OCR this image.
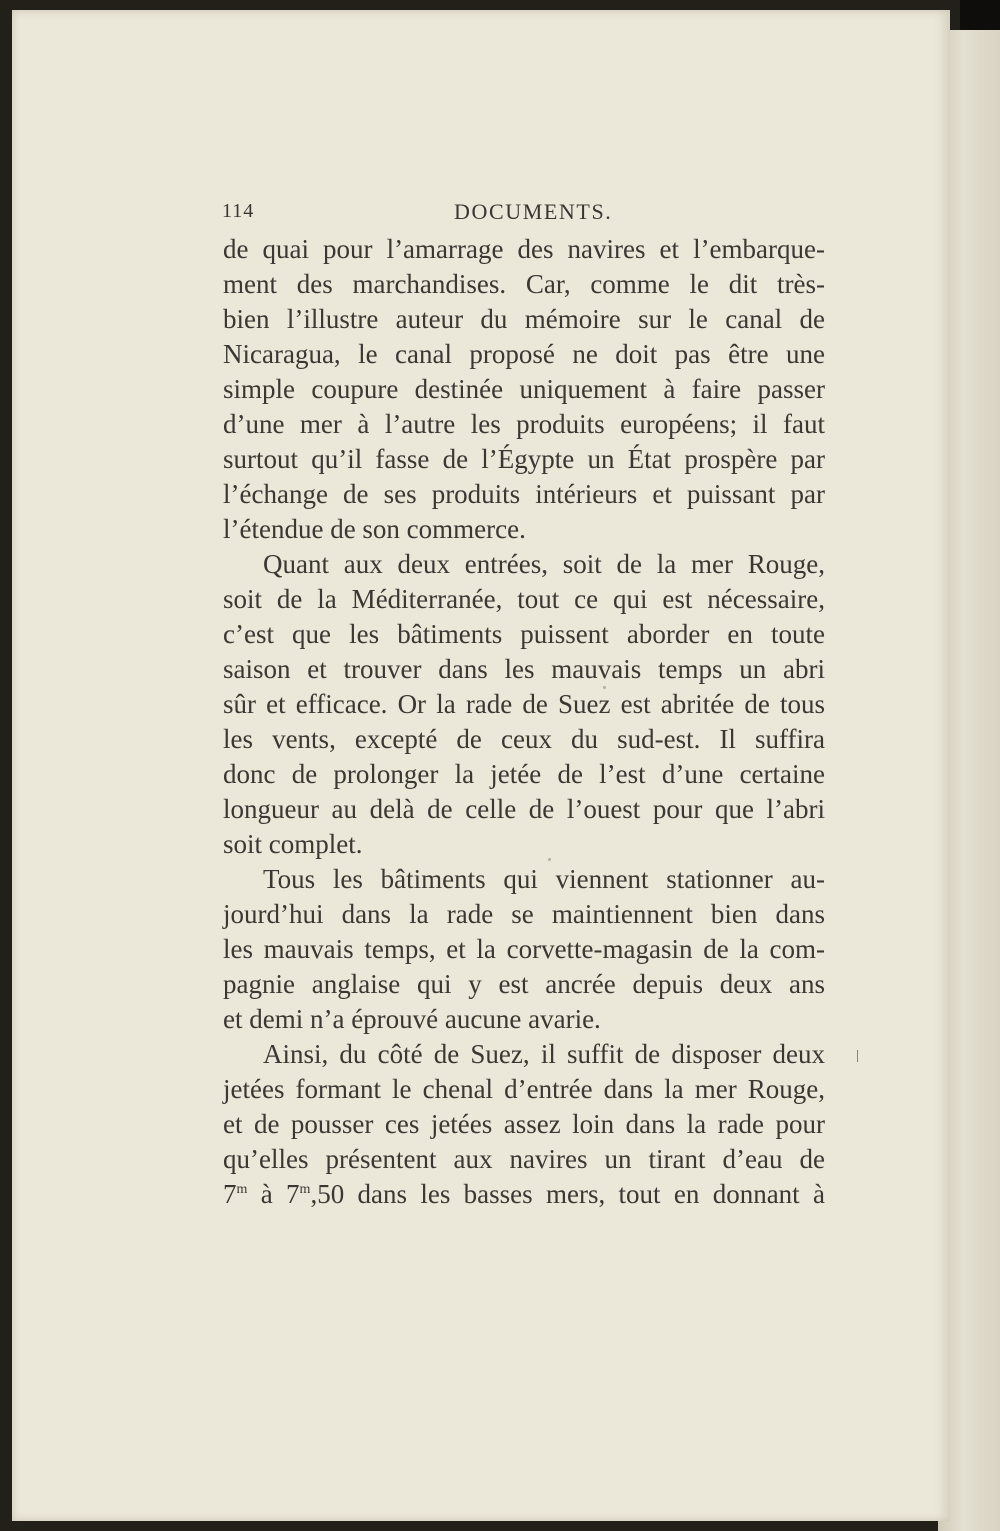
114	DOCUMENTS.
de quai pour l’amarrage des navires et l’embarque-
ment des marchandises. Car, comme le dit très-
bien l’illustre auteur du mémoire sur le canal de
Nicaragua, le canal proposé ne doit pas être une
simple coupure destinée uniquement à faire passer
d’une mer à l’autre les produits européens; il faut
surtout qu’il fasse de l’Égypte un État prospère par
l’échange de ses produits intérieurs et puissant par
l’étendue de son commerce.
Quant aux deux entrées, soit de la mer Rouge,
soit de la Méditerranée, tout ce qui est nécessaire,
c’est que les bâtiments puissent aborder en toute
saison et trouver dans les mauvais temps un abri
sûr et efficace. Or la rade de Suez est abritée de tous
les vents, excepté de ceux du sud-est. Il suffira
donc de prolonger la jetée de l’est d’une certaine
longueur au delà de celle de l’ouest pour que l’abri
soit complet.
Tous les bâtiments qui viennent stationner au-
jourd’hui dans la rade se maintiennent bien dans
les mauvais temps, et la corvette-magasin de la com-
pagnie anglaise qui y est ancrée depuis deux ans
et demi n’a éprouvé aucune avarie.
Ainsi, du côté de Suez, il suffit de disposer deux
jetées formant le chenal d’entrée dans la mer Rouge,
et de pousser ces jetées assez loin dans la rade pour
qu’elles présentent aux navires un tirant d’eau de
7$^m$ à 7$^m$,50 dans les basses mers, tout en donnant à
